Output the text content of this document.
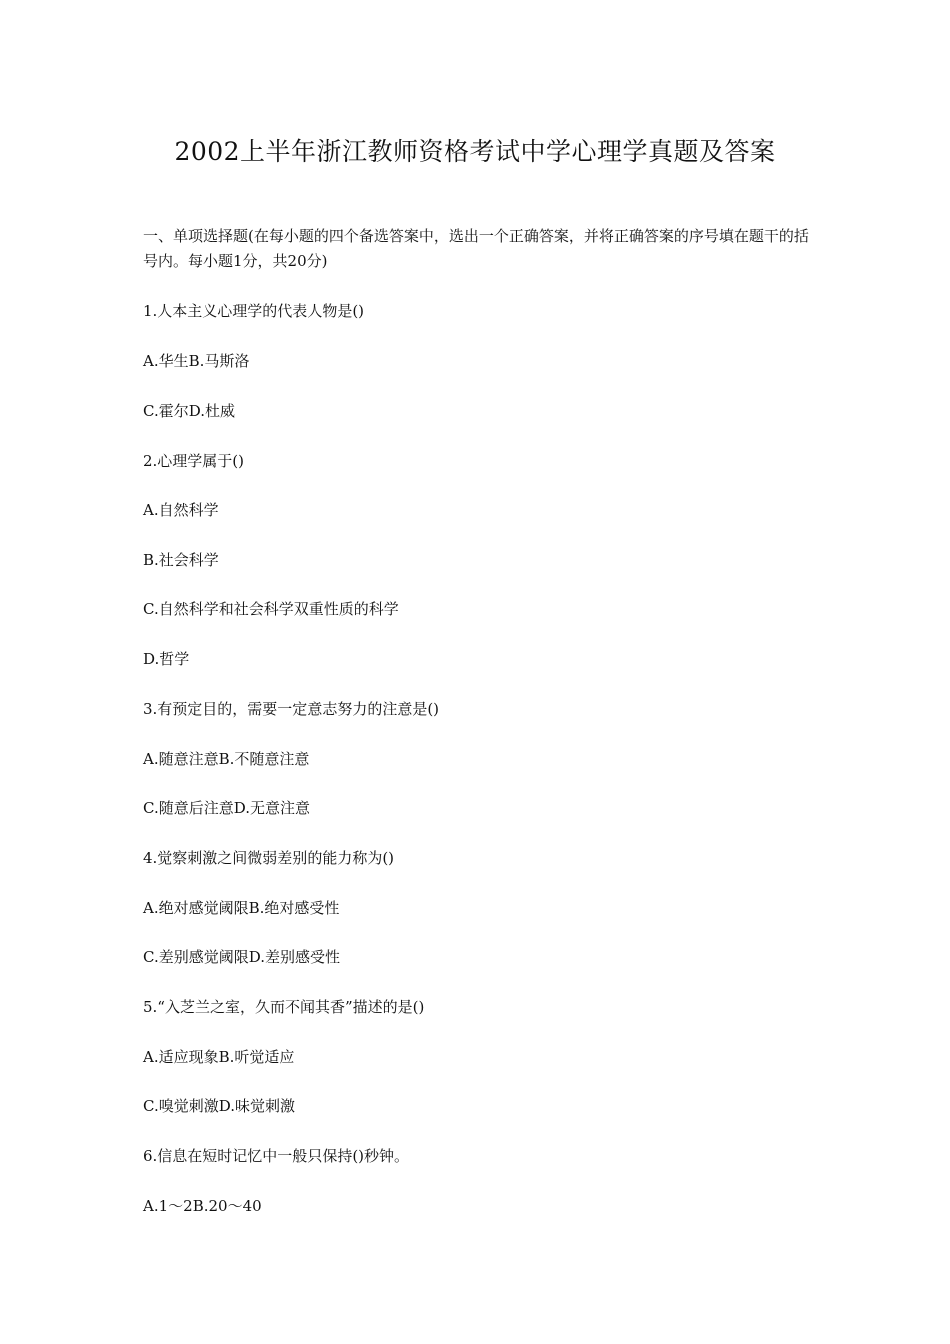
2002上半年浙江教师资格考试中学心理学真题及答案
一、单项选择题(在每小题的四个备选答案中，选出一个正确答案，并将正确答案的序号填在题干的括号内。每小题1分，共20分)
1.人本主义心理学的代表人物是()
A.华生B.马斯洛
C.霍尔D.杜威
2.心理学属于()
A.自然科学
B.社会科学
C.自然科学和社会科学双重性质的科学
D.哲学
3.有预定目的，需要一定意志努力的注意是()
A.随意注意B.不随意注意
C.随意后注意D.无意注意
4.觉察刺激之间微弱差别的能力称为()
A.绝对感觉阈限B.绝对感受性
C.差别感觉阈限D.差别感受性
5.“入芝兰之室，久而不闻其香”描述的是()
A.适应现象B.听觉适应
C.嗅觉刺激D.味觉刺激
6.信息在短时记忆中一般只保持()秒钟。
A.1～2B.20～40
